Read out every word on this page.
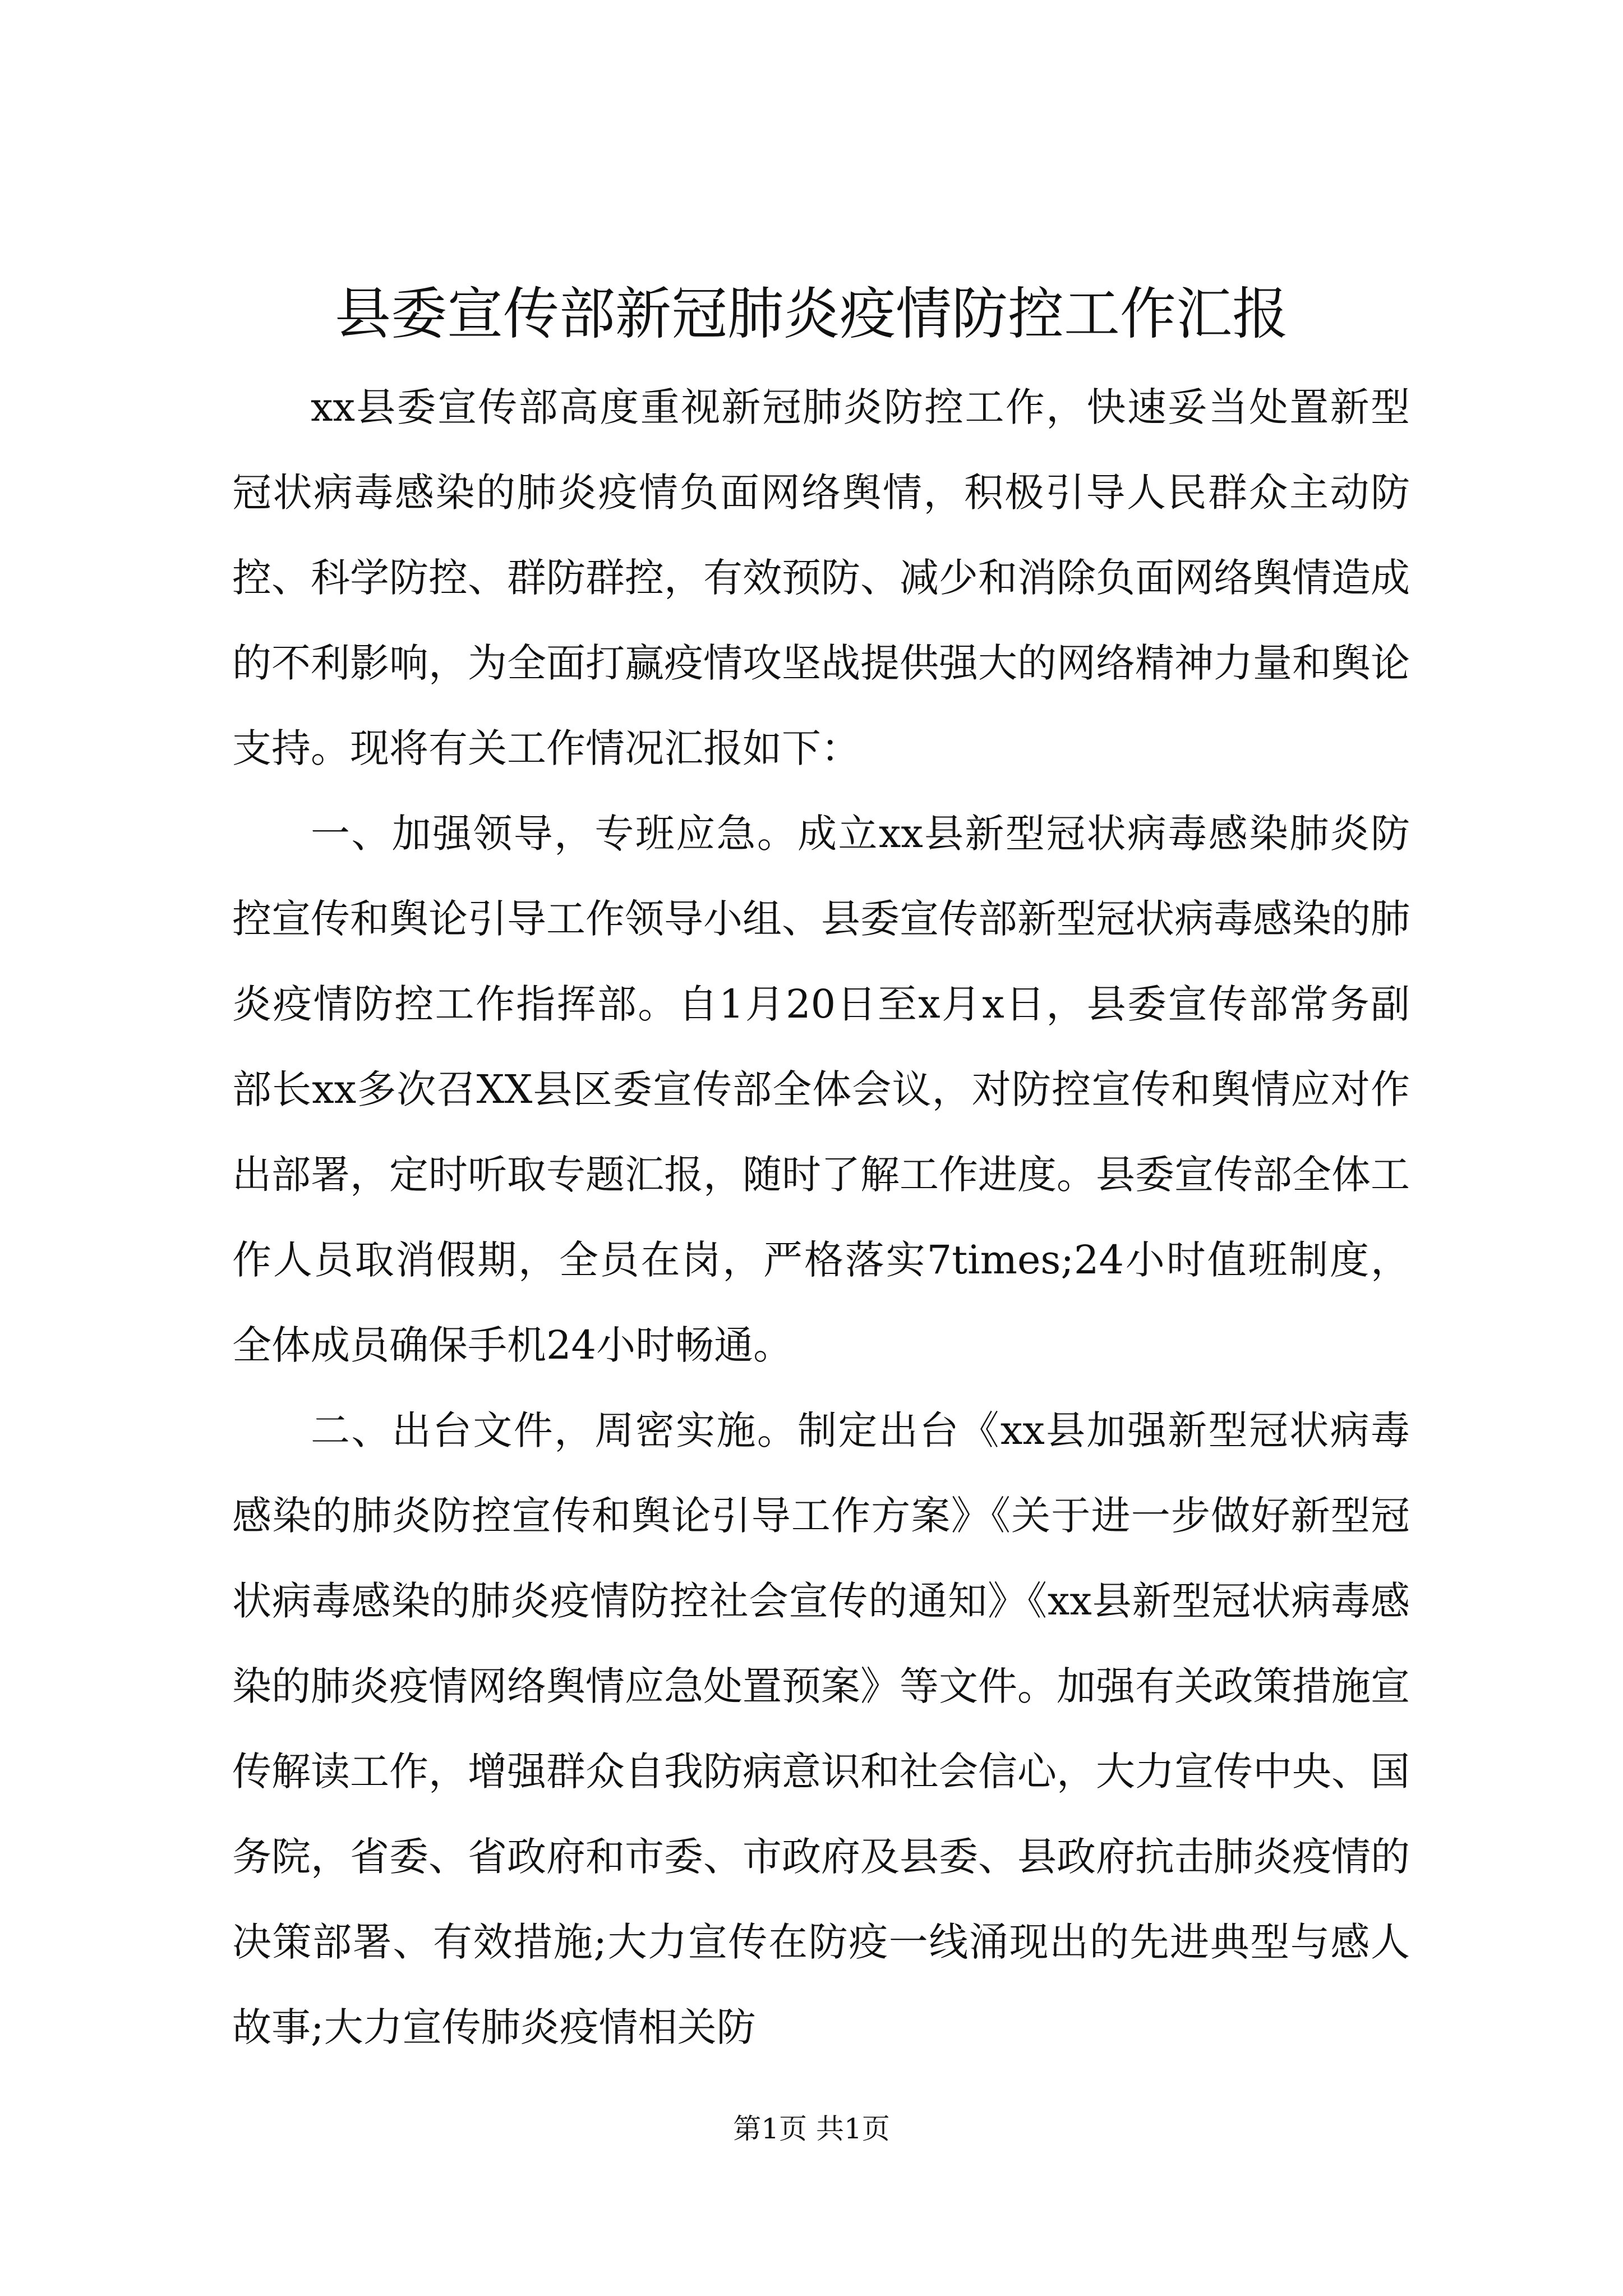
县委宣传部新冠肺炎疫情防控工作汇报

xx县委宣传部高度重视新冠肺炎防控工作，快速妥当处置新型冠状病毒感染的肺炎疫情负面网络舆情，积极引导人民群众主动防控、科学防控、群防群控，有效预防、减少和消除负面网络舆情造成的不利影响，为全面打赢疫情攻坚战提供强大的网络精神力量和舆论支持。现将有关工作情况汇报如下：

一、加强领导，专班应急。成立xx县新型冠状病毒感染肺炎防控宣传和舆论引导工作领导小组、县委宣传部新型冠状病毒感染的肺炎疫情防控工作指挥部。自1月20日至x月x日，县委宣传部常务副部长xx多次召XX县区委宣传部全体会议，对防控宣传和舆情应对作出部署，定时听取专题汇报，随时了解工作进度。县委宣传部全体工作人员取消假期，全员在岗，严格落实7times;24小时值班制度，全体成员确保手机24小时畅通。

二、出台文件，周密实施。制定出台《xx县加强新型冠状病毒感染的肺炎防控宣传和舆论引导工作方案》《关于进一步做好新型冠状病毒感染的肺炎疫情防控社会宣传的通知》《xx县新型冠状病毒感染的肺炎疫情网络舆情应急处置预案》等文件。加强有关政策措施宣传解读工作，增强群众自我防病意识和社会信心，大力宣传中央、国务院，省委、省政府和市委、市政府及县委、县政府抗击肺炎疫情的决策部署、有效措施;大力宣传在防疫一线涌现出的先进典型与感人故事;大力宣传肺炎疫情相关防

第1页 共1页
